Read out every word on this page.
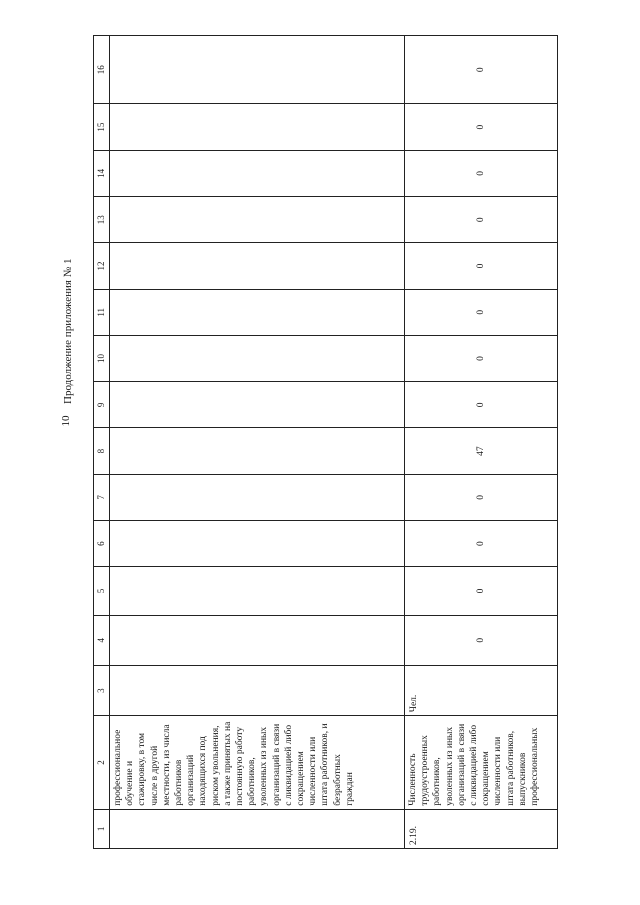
Продолжение приложения № 1
10
1	2	3	4	5	6	7	8	9	10	11	12	13	14	15	16
	профессиональное обучение и стажировку, в том числе в другой местности, из числа работников организаций находящихся под риском увольнения, а также принятых на постоянную работу работников, уволенных из иных организаций в связи с ликвидацией либо сокращением численности или штата работников, и безработных граждан														
2.19.	Численность трудоустроенных работников, уволенных из иных организаций в связи с ликвидацией либо сокращением численности или штата работников, выпускников профессиональных	Чел.	0	0	0	0	47	0	0	0	0	0	0	0	0
